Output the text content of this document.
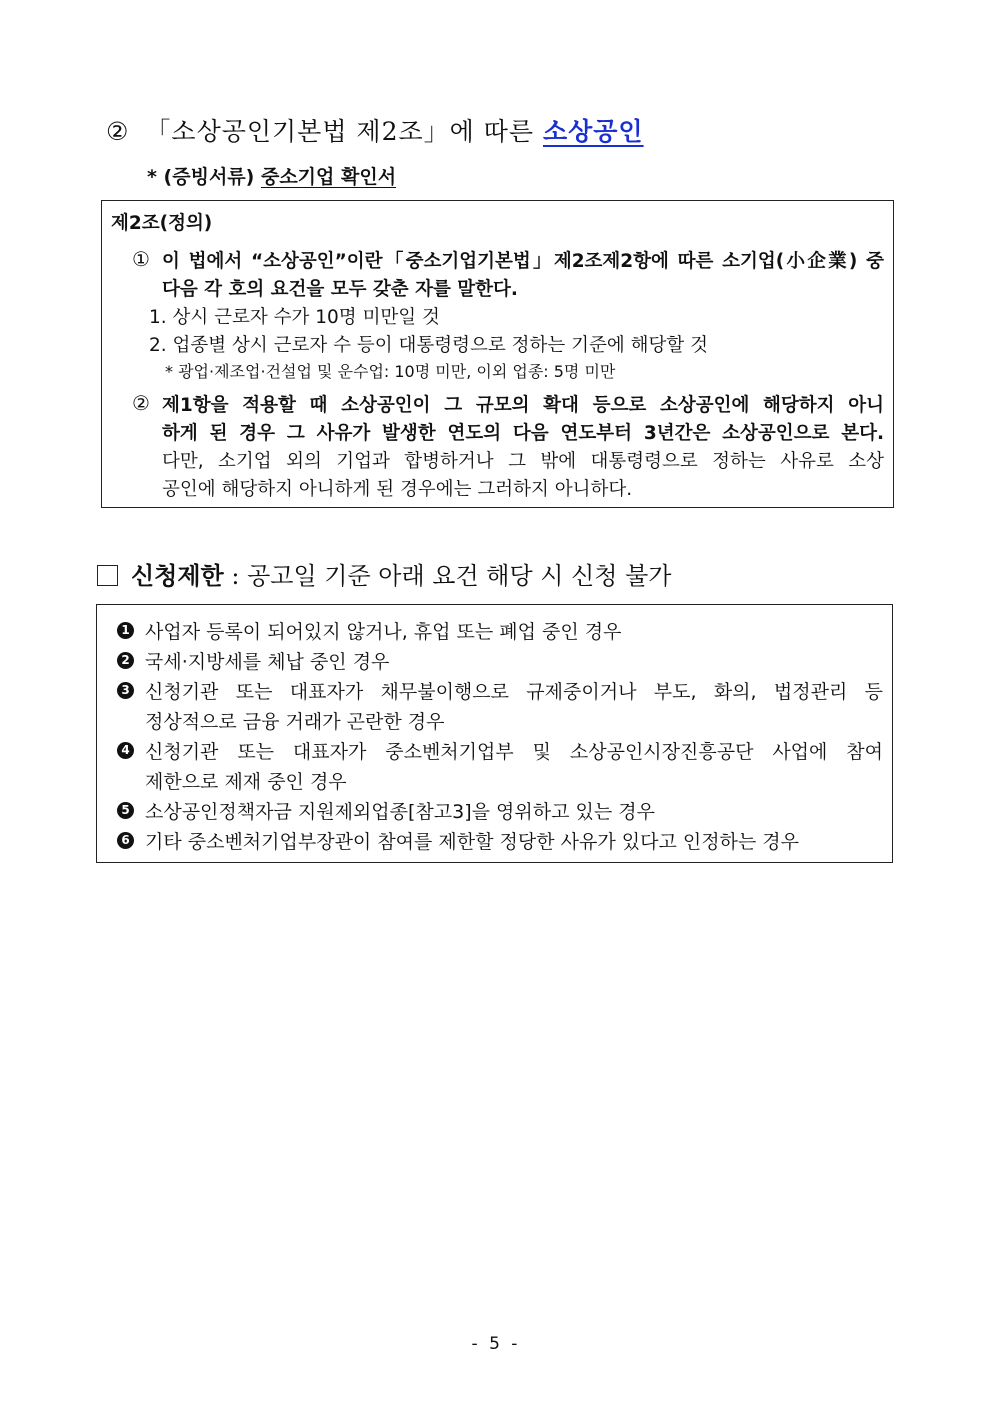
② 「소상공인기본법 제2조」에 따른 소상공인
* (증빙서류) 중소기업 확인서
제2조(정의)
① 이 법에서 “소상공인”이란「중소기업기본법」제2조제2항에 따른 소기업(小企業) 중
다음 각 호의 요건을 모두 갖춘 자를 말한다.
1. 상시 근로자 수가 10명 미만일 것
2. 업종별 상시 근로자 수 등이 대통령령으로 정하는 기준에 해당할 것
* 광업·제조업·건설업 및 운수업: 10명 미만, 이외 업종: 5명 미만
② 제1항을 적용할 때 소상공인이 그 규모의 확대 등으로 소상공인에 해당하지 아니
하게 된 경우 그 사유가 발생한 연도의 다음 연도부터 3년간은 소상공인으로 본다.
다만, 소기업 외의 기업과 합병하거나 그 밖에 대통령령으로 정하는 사유로 소상
공인에 해당하지 아니하게 된 경우에는 그러하지 아니하다.
신청제한 : 공고일 기준 아래 요건 해당 시 신청 불가
1 사업자 등록이 되어있지 않거나, 휴업 또는 폐업 중인 경우
2 국세·지방세를 체납 중인 경우
3 신청기관 또는 대표자가 채무불이행으로 규제중이거나 부도, 화의, 법정관리 등
정상적으로 금융 거래가 곤란한 경우
4 신청기관 또는 대표자가 중소벤처기업부 및 소상공인시장진흥공단 사업에 참여
제한으로 제재 중인 경우
5 소상공인정책자금 지원제외업종[참고3]을 영위하고 있는 경우
6 기타 중소벤처기업부장관이 참여를 제한할 정당한 사유가 있다고 인정하는 경우
- 5 -
